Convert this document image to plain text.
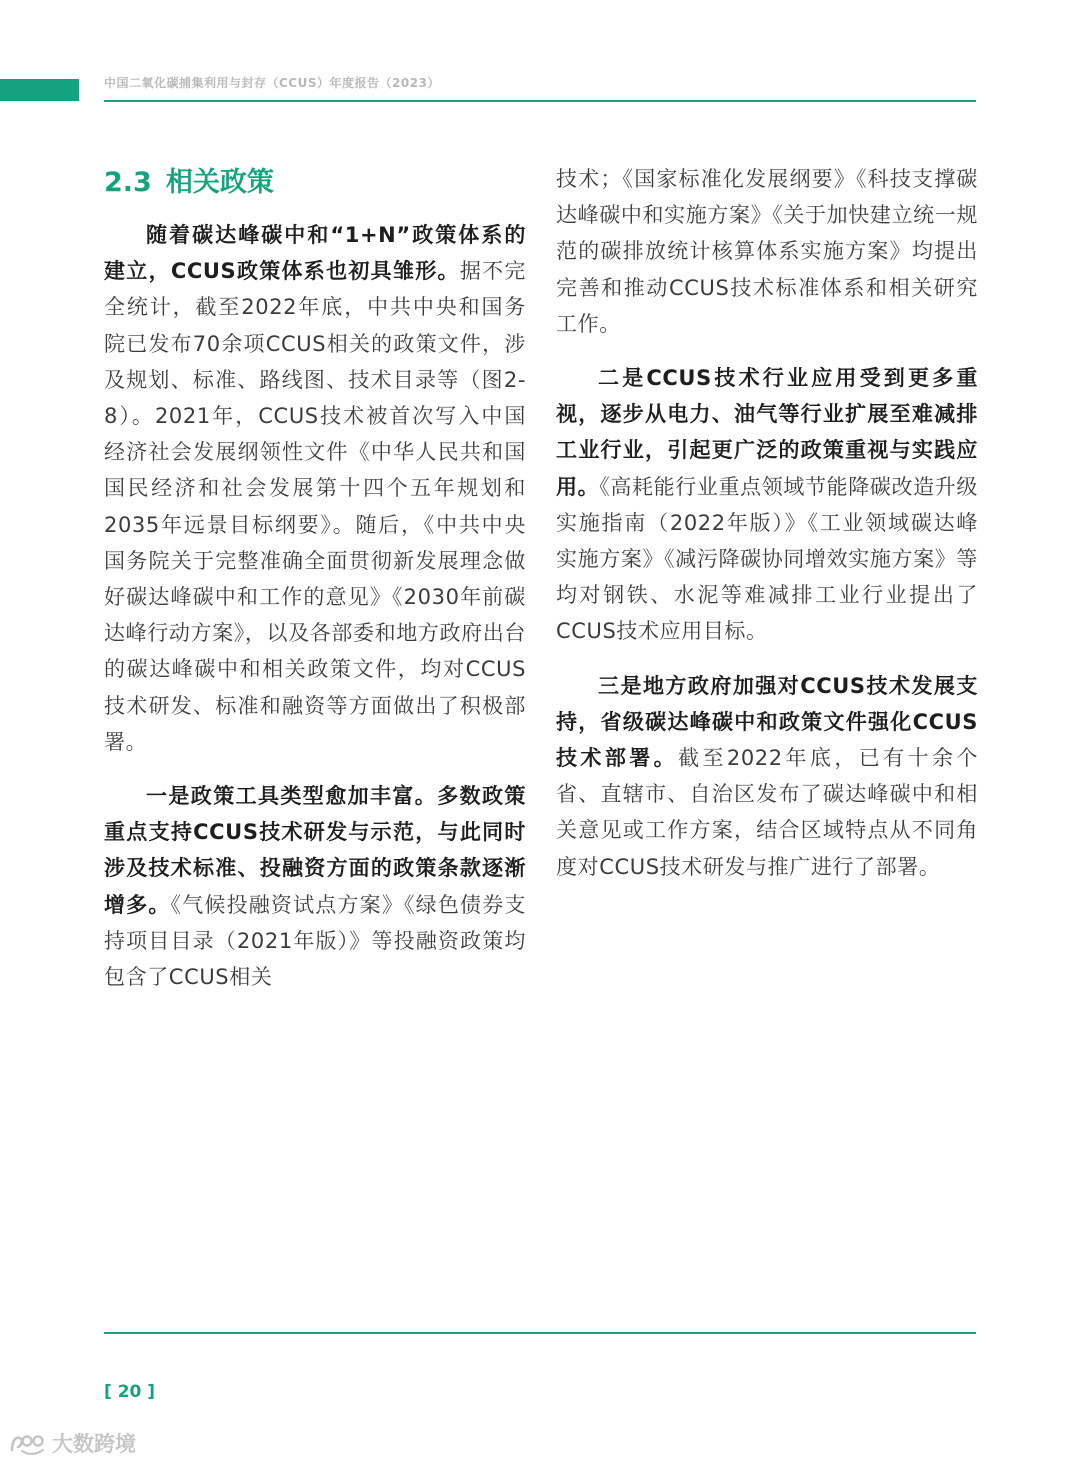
中国二氧化碳捕集利用与封存（CCUS）年度报告（2023）
2.3 相关政策

随着碳达峰碳中和“1+N”政策体系的建立，CCUS政策体系也初具雏形。据不完全统计，截至2022年底，中共中央和国务院已发布70余项CCUS相关的政策文件，涉及规划、标准、路线图、技术目录等（图2-8）。2021年，CCUS技术被首次写入中国经济社会发展纲领性文件《中华人民共和国国民经济和社会发展第十四个五年规划和2035年远景目标纲要》。随后，《中共中央 国务院关于完整准确全面贯彻新发展理念做好碳达峰碳中和工作的意见》《2030年前碳达峰行动方案》，以及各部委和地方政府出台的碳达峰碳中和相关政策文件，均对CCUS技术研发、标准和融资等方面做出了积极部署。

一是政策工具类型愈加丰富。多数政策重点支持CCUS技术研发与示范，与此同时涉及技术标准、投融资方面的政策条款逐渐增多。《气候投融资试点方案》《绿色债券支持项目目录（2021年版）》等投融资政策均包含了CCUS相关

技术；《国家标准化发展纲要》《科技支撑碳达峰碳中和实施方案》《关于加快建立统一规范的碳排放统计核算体系实施方案》均提出完善和推动CCUS技术标准体系和相关研究工作。

二是CCUS技术行业应用受到更多重视，逐步从电力、油气等行业扩展至难减排工业行业，引起更广泛的政策重视与实践应用。《高耗能行业重点领域节能降碳改造升级实施指南（2022年版）》《工业领域碳达峰实施方案》《减污降碳协同增效实施方案》等均对钢铁、水泥等难减排工业行业提出了CCUS技术应用目标。

三是地方政府加强对CCUS技术发展支持，省级碳达峰碳中和政策文件强化CCUS技术部署。截至2022年底，已有十余个省、直辖市、自治区发布了碳达峰碳中和相关意见或工作方案，结合区域特点从不同角度对CCUS技术研发与推广进行了部署。

[ 20 ]
大数跨境
